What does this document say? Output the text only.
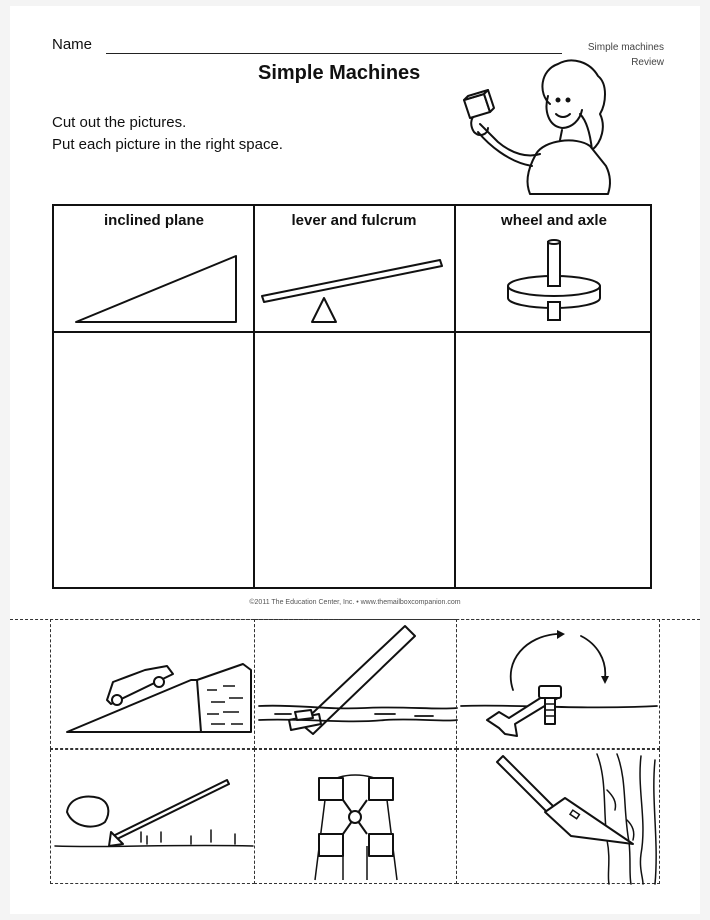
Name	Simple machines
Review
Simple Machines
Cut out the pictures.
Put each picture in the right space.
inclined plane	lever and fulcrum	wheel and axle
©2011 The Education Center, Inc. • www.themailboxcompanion.com
